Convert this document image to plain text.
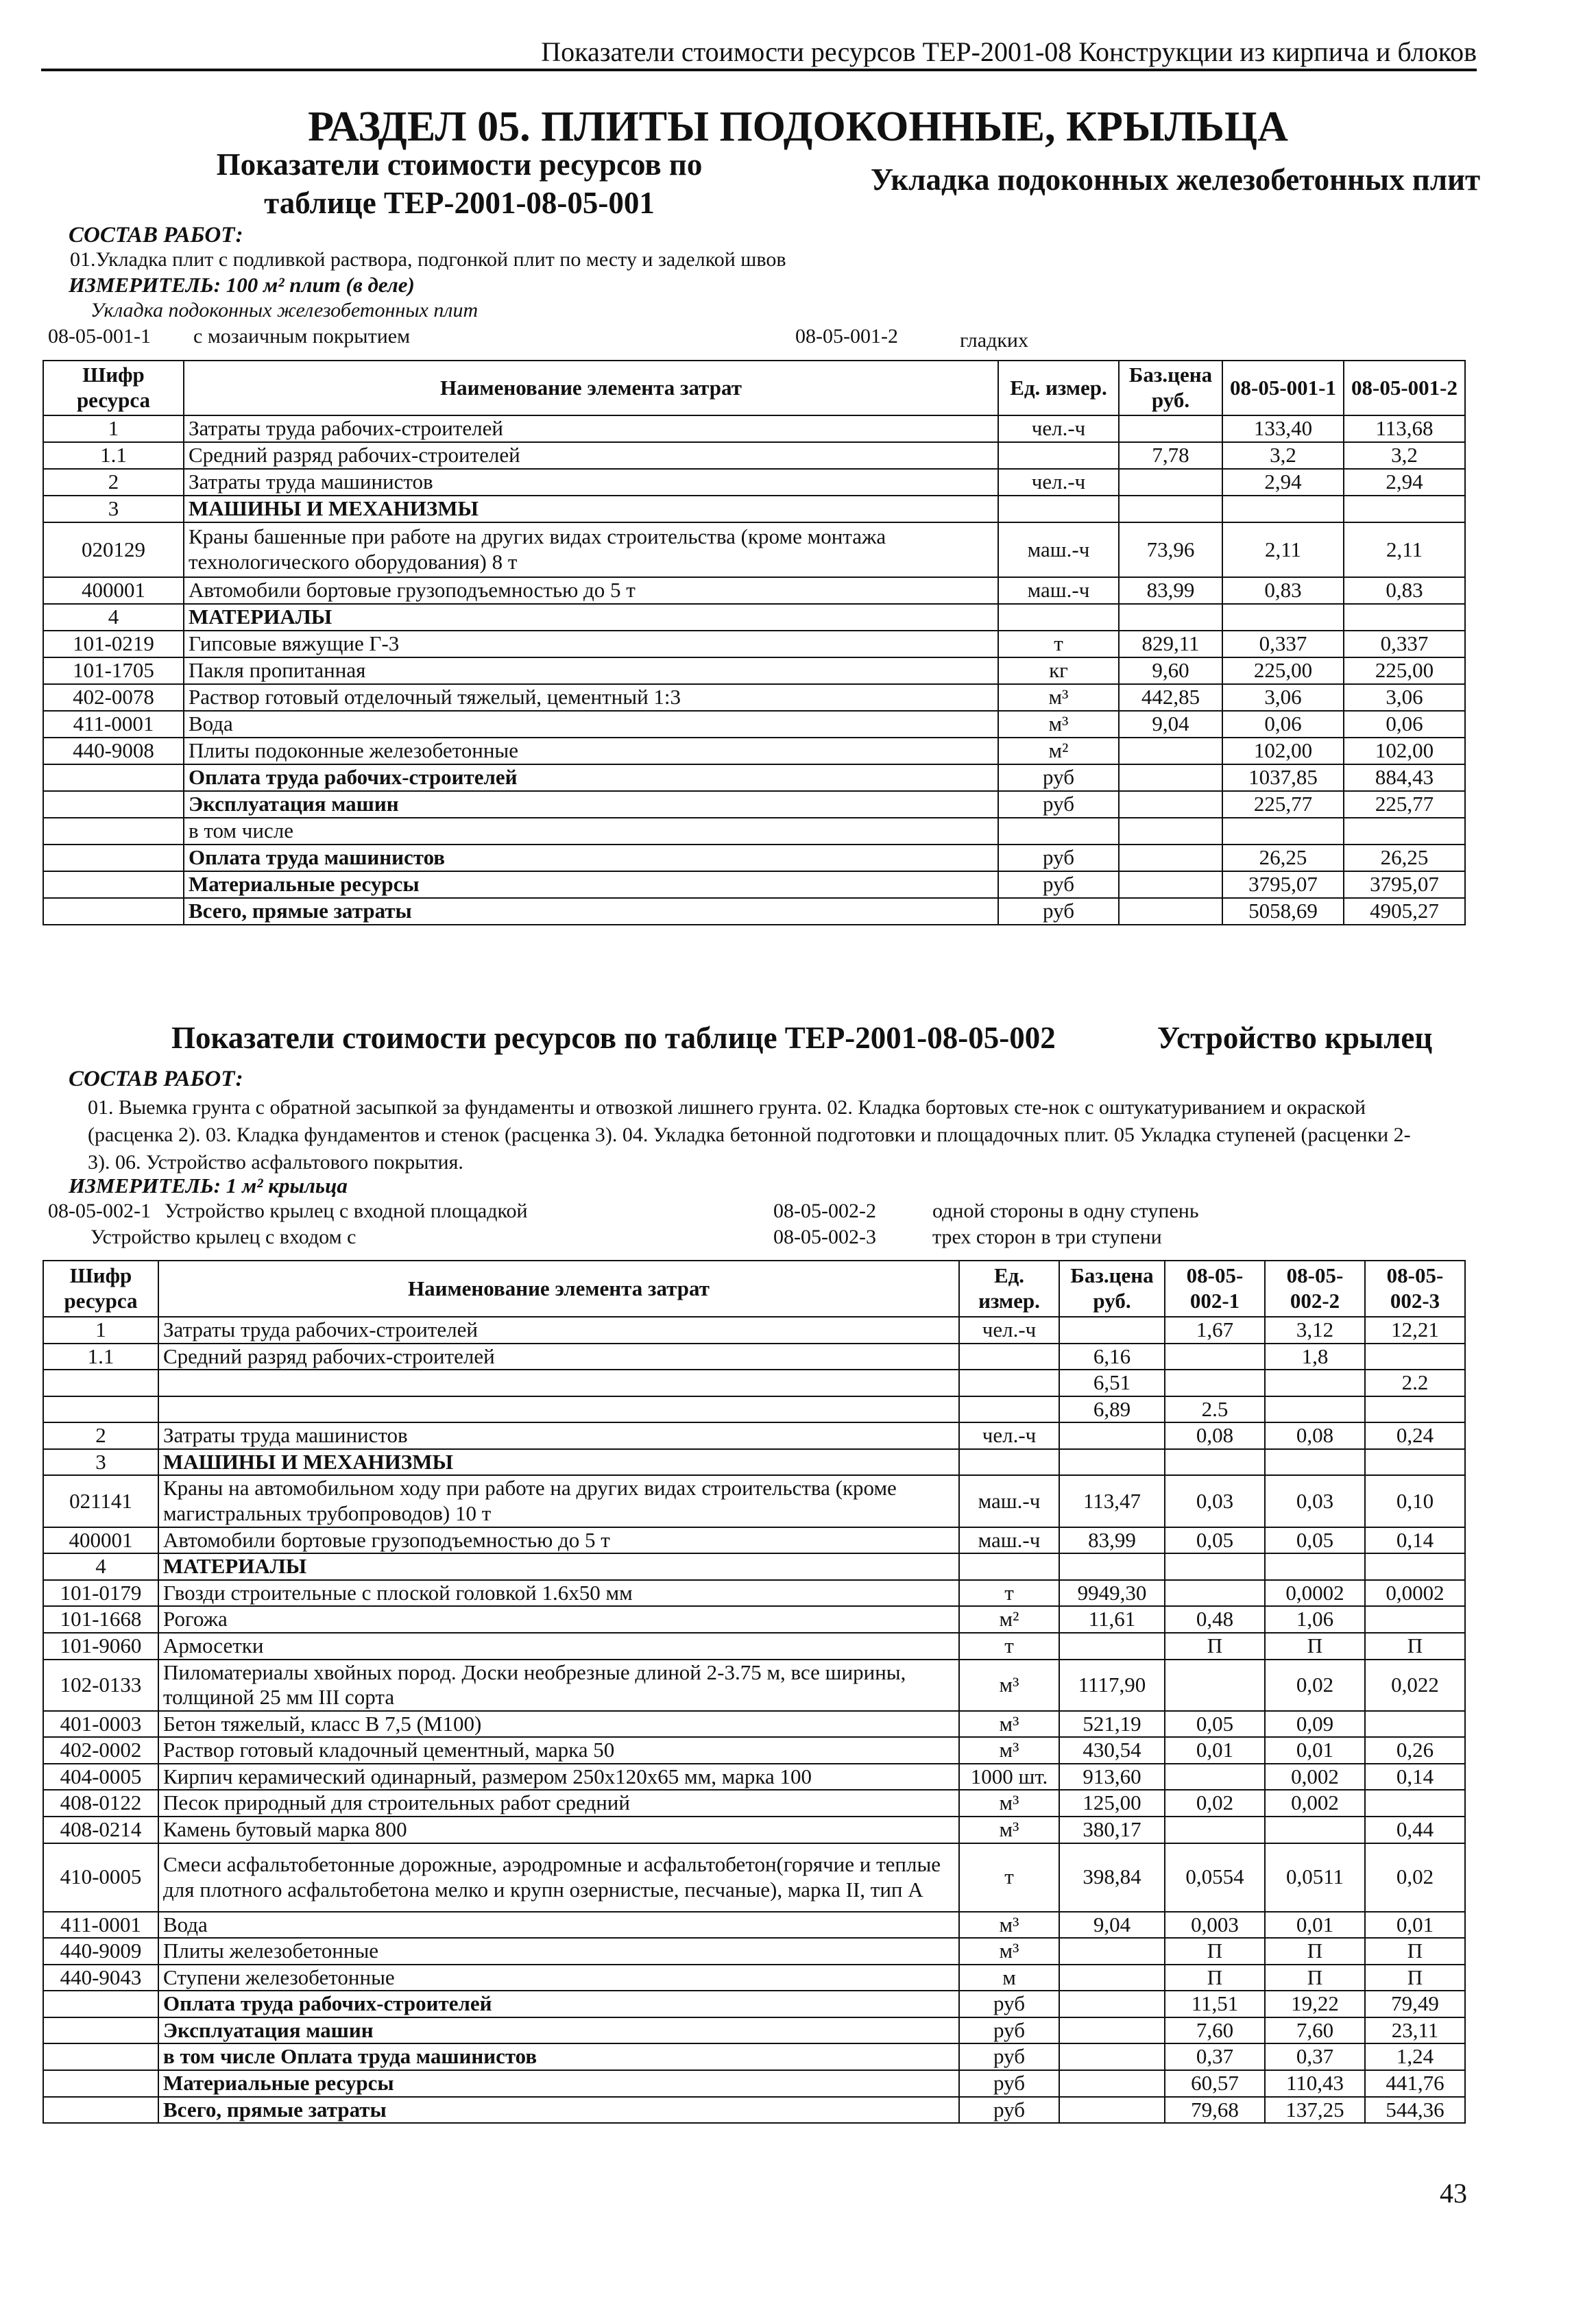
Показатели стоимости ресурсов ТЕР-2001-08 Конструкции из кирпича и блоков
РАЗДЕЛ 05. ПЛИТЫ ПОДОКОННЫЕ, КРЫЛЬЦА
Показатели стоимости ресурсов по таблице ТЕР-2001-08-05-001
Укладка подоконных железобетонных плит
СОСТАВ РАБОТ:
01.Укладка плит с подливкой раствора, подгонкой плит по месту и заделкой швов
ИЗМЕРИТЕЛЬ: 100 м² плит (в деле)
Укладка подоконных железобетонных плит
08-05-001-1 с мозаичным покрытием	08-05-001-2	гладких
Шифр ресурса	Наименование элемента затрат	Ед. измер.	Баз.цена руб.	08-05-001-1	08-05-001-2
1	Затраты труда рабочих-строителей	чел.-ч		133,40	113,68
1.1	Средний разряд рабочих-строителей		7,78	3,2	3,2
2	Затраты труда машинистов	чел.-ч		2,94	2,94
3	МАШИНЫ И МЕХАНИЗМЫ				
020129	Краны башенные при работе на других видах строительства (кроме монтажа технологического оборудования) 8 т	маш.-ч	73,96	2,11	2,11
400001	Автомобили бортовые грузоподъемностью до 5 т	маш.-ч	83,99	0,83	0,83
4	МАТЕРИАЛЫ				
101-0219	Гипсовые вяжущие Г-3	т	829,11	0,337	0,337
101-1705	Пакля пропитанная	кг	9,60	225,00	225,00
402-0078	Раствор готовый отделочный тяжелый, цементный 1:3	м³	442,85	3,06	3,06
411-0001	Вода	м³	9,04	0,06	0,06
440-9008	Плиты подоконные железобетонные	м²		102,00	102,00
	Оплата труда рабочих-строителей	руб		1037,85	884,43
	Эксплуатация машин	руб		225,77	225,77
	в том числе				
	Оплата труда машинистов	руб		26,25	26,25
	Материальные ресурсы	руб		3795,07	3795,07
	Всего, прямые затраты	руб		5058,69	4905,27
Показатели стоимости ресурсов по таблице ТЕР-2001-08-05-002	Устройство крылец
СОСТАВ РАБОТ:
01. Выемка грунта с обратной засыпкой за фундаменты и отвозкой лишнего грунта. 02. Кладка бортовых сте-нок с оштукатуриванием и окраской (расценка 2). 03. Кладка фундаментов и стенок (расценка 3). 04. Укладка бетонной подготовки и площадочных плит. 05 Укладка ступеней (расценки 2-3). 06. Устройство асфальтового покрытия.
ИЗМЕРИТЕЛЬ: 1 м² крыльца
08-05-002-1 Устройство крылец с входной площадкой	08-05-002-2	одной стороны в одну ступень
Устройство крылец с входом с	08-05-002-3	трех сторон в три ступени
Шифр ресурса	Наименование элемента затрат	Ед. измер.	Баз.цена руб.	08-05-002-1	08-05-002-2	08-05-002-3
1	Затраты труда рабочих-строителей	чел.-ч		1,67	3,12	12,21
1.1	Средний разряд рабочих-строителей		6,16		1,8	
			6,51			2.2
			6,89	2.5		
2	Затраты труда машинистов	чел.-ч		0,08	0,08	0,24
3	МАШИНЫ И МЕХАНИЗМЫ					
021141	Краны на автомобильном ходу при работе на других видах строительства (кроме магистральных трубопроводов) 10 т	маш.-ч	113,47	0,03	0,03	0,10
400001	Автомобили бортовые грузоподъемностью до 5 т	маш.-ч	83,99	0,05	0,05	0,14
4	МАТЕРИАЛЫ					
101-0179	Гвозди строительные с плоской головкой 1.6х50 мм	т	9949,30		0,0002	0,0002
101-1668	Рогожа	м²	11,61	0,48	1,06	
101-9060	Армосетки	т		П	П	П
102-0133	Пиломатериалы хвойных пород. Доски необрезные длиной 2-3.75 м, все ширины, толщиной 25 мм III сорта	м³	1117,90		0,02	0,022
401-0003	Бетон тяжелый, класс В 7,5 (М100)	м³	521,19	0,05	0,09	
402-0002	Раствор готовый кладочный цементный, марка 50	м³	430,54	0,01	0,01	0,26
404-0005	Кирпич керамический одинарный, размером 250х120х65 мм, марка 100	1000 шт.	913,60		0,002	0,14
408-0122	Песок природный для строительных работ средний	м³	125,00	0,02	0,002	
408-0214	Камень бутовый марка 800	м³	380,17			0,44
410-0005	Смеси асфальтобетонные дорожные, аэродромные и асфальтобетон(горячие и теплые для плотного асфальтобетона мелко и крупн озернистые, песчаные), марка II, тип А	т	398,84	0,0554	0,0511	0,02
411-0001	Вода	м³	9,04	0,003	0,01	0,01
440-9009	Плиты железобетонные	м³		П	П	П
440-9043	Ступени железобетонные	м		П	П	П
	Оплата труда рабочих-строителей	руб		11,51	19,22	79,49
	Эксплуатация машин	руб		7,60	7,60	23,11
	в том числе Оплата труда машинистов	руб		0,37	0,37	1,24
	Материальные ресурсы	руб		60,57	110,43	441,76
	Всего, прямые затраты	руб		79,68	137,25	544,36
43
